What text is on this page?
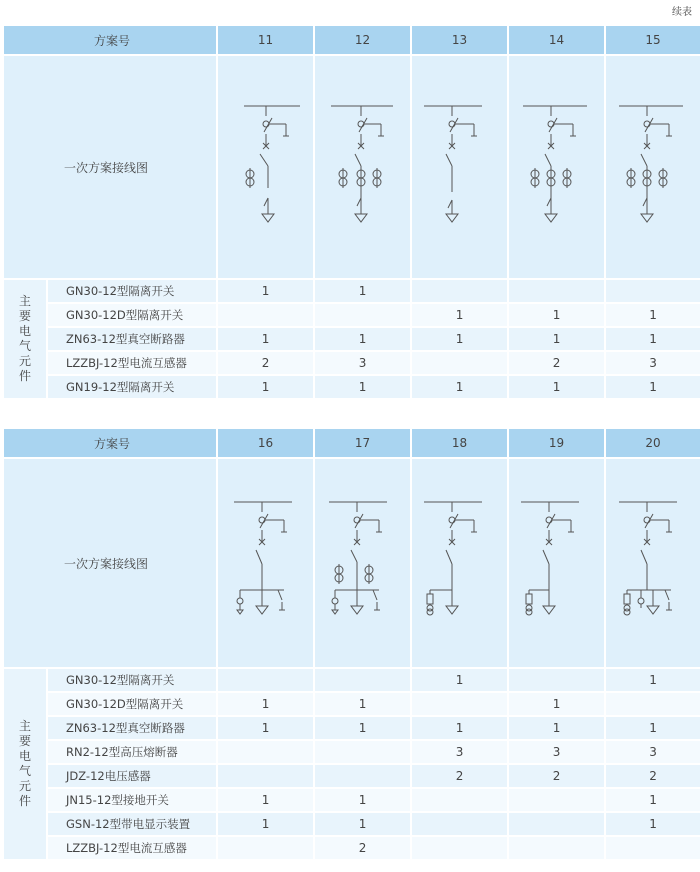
续表
方案号		11	12	13	14	15
一次方案接线图	

主要电气元件	GN30-12型隔离开关	1	1			
	GN30-12D型隔离开关			1	1	1
	ZN63-12型真空断路器	1	1	1	1	1
	LZZBJ-12型电流互感器	2	3		2	3
	GN19-12型隔离开关	1	1	1	1	1
方案号		16	17	18	19	20
一次方案接线图	

主要电气元件	GN30-12型隔离开关			1		1
	GN30-12D型隔离开关	1	1		1	
	ZN63-12型真空断路器	1	1	1	1	1
	RN2-12型高压熔断器			3	3	3
	JDZ-12电压感器			2	2	2
	JN15-12型接地开关	1	1			1
	GSN-12型带电显示装置	1	1			1
	LZZBJ-12型电流互感器		2			
